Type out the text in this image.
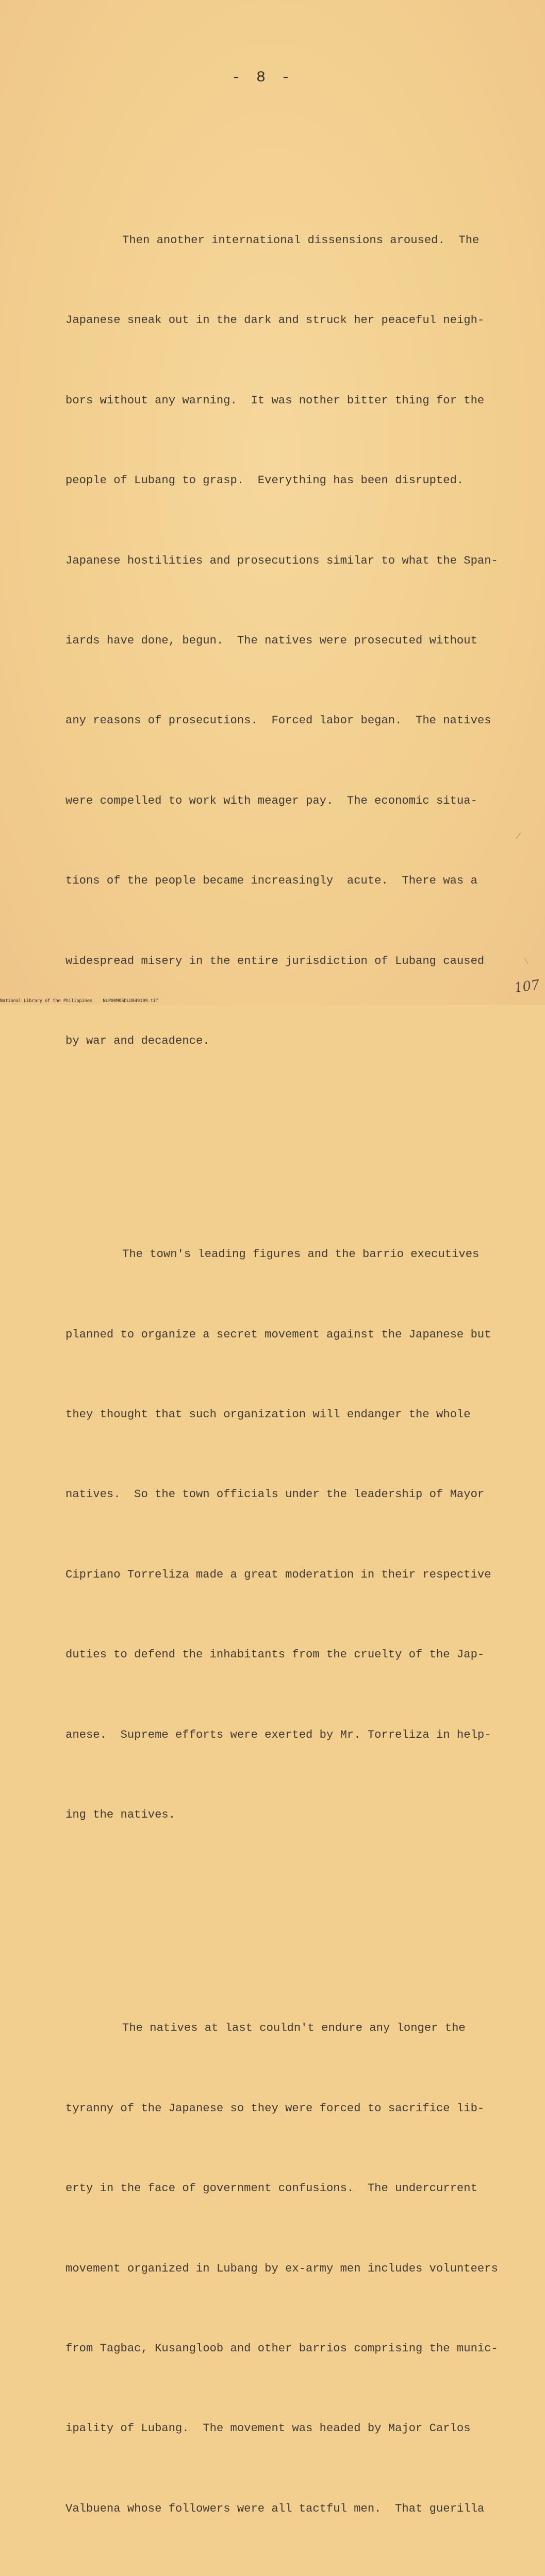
- 8 -

Then another international dissensions aroused.  The

Japanese sneak out in the dark and struck her peaceful neigh-

bors without any warning.  It was nother bitter thing for the

people of Lubang to grasp.  Everything has been disrupted.

Japanese hostilities and prosecutions similar to what the Span-

iards have done, begun.  The natives were prosecuted without

any reasons of prosecutions.  Forced labor began.  The natives

were compelled to work with meager pay.  The economic situa-

tions of the people became increasingly  acute.  There was a

widespread misery in the entire jurisdiction of Lubang caused

by war and decadence.

The town's leading figures and the barrio executives

planned to organize a secret movement against the Japanese but

they thought that such organization will endanger the whole

natives.  So the town officials under the leadership of Mayor

Cipriano Torreliza made a great moderation in their respective

duties to defend the inhabitants from the cruelty of the Jap-

anese.  Supreme efforts were exerted by Mr. Torreliza in help-

ing the natives.

The natives at last couldn't endure any longer the

tyranny of the Japanese so they were forced to sacrifice lib-

erty in the face of government confusions.  The undercurrent

movement organized in Lubang by ex-army men includes volunteers

from Tagbac, Kusangloob and other barrios comprising the munic-

ipality of Lubang.  The movement was headed by Major Carlos

Valbuena whose followers were all tactful men.  That guerilla

107
National Library of the Philippines    NLP00M0SDLU049109.tif
